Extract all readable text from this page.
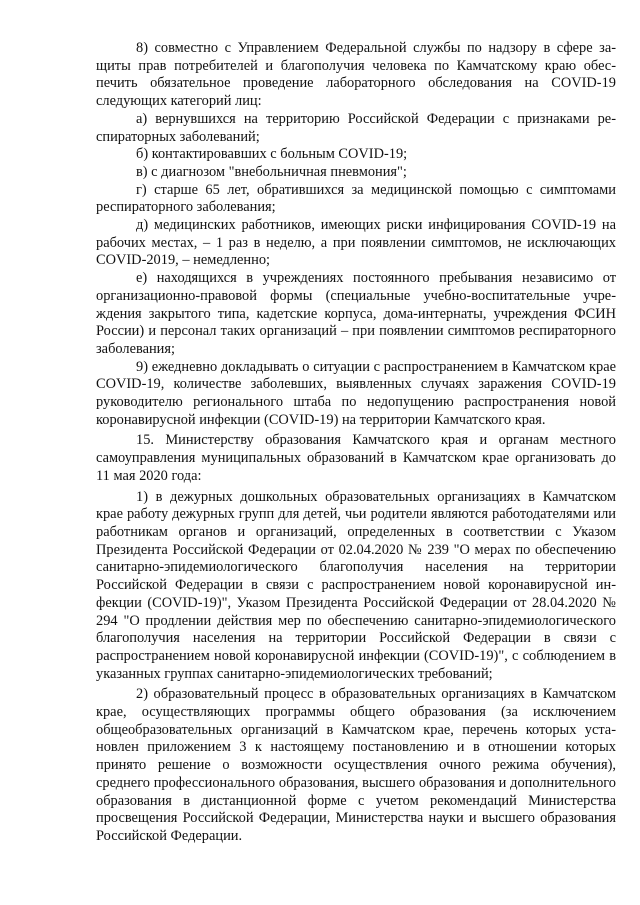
8) совместно с Управлением Федеральной службы по надзору в сфере защиты прав потребителей и благополучия человека по Камчатскому краю обеспечить обязательное проведение лабораторного обследования на COVID-19 следующих категорий лиц:

а) вернувшихся на территорию Российской Федерации с признаками респираторных заболеваний;

б) контактировавших с больным COVID-19;

в) с диагнозом "внебольничная пневмония";

г) старше 65 лет, обратившихся за медицинской помощью с симптомами респираторного заболевания;

д) медицинских работников, имеющих риски инфицирования COVID-19 на рабочих местах, – 1 раз в неделю, а при появлении симптомов, не исключающих COVID-2019, – немедленно;

е) находящихся в учреждениях постоянного пребывания независимо от организационно-правовой формы (специальные учебно-воспитательные учреждения закрытого типа, кадетские корпуса, дома-интернаты, учреждения ФСИН России) и персонал таких организаций – при появлении симптомов респираторного заболевания;

9) ежедневно докладывать о ситуации с распространением в Камчатском крае COVID-19, количестве заболевших, выявленных случаях заражения COVID-19 руководителю регионального штаба по недопущению распространения новой коронавирусной инфекции (COVID-19) на территории Камчатского края.

15. Министерству образования Камчатского края и органам местного самоуправления муниципальных образований в Камчатском крае организовать до 11 мая 2020 года:

1) в дежурных дошкольных образовательных организациях в Камчатском крае работу дежурных групп для детей, чьи родители являются работодателями или работникам органов и организаций, определенных в соответствии с Указом Президента Российской Федерации от 02.04.2020 № 239 "О мерах по обеспечению санитарно-эпидемиологического благополучия населения на территории Российской Федерации в связи с распространением новой коронавирусной инфекции (COVID-19)", Указом Президента Российской Федерации от 28.04.2020 № 294 "О продлении действия мер по обеспечению санитарно-эпидемиологического благополучия населения на территории Российской Федерации в связи с распространением новой коронавирусной инфекции (COVID-19)", с соблюдением в указанных группах санитарно-эпидемиологических требований;

2) образовательный процесс в образовательных организациях в Камчатском крае, осуществляющих программы общего образования (за исключением общеобразовательных организаций в Камчатском крае, перечень которых установлен приложением 3 к настоящему постановлению и в отношении которых принято решение о возможности осуществления очного режима обучения), среднего профессионального образования, высшего образования и дополнительного образования в дистанционной форме с учетом рекомендаций Министерства просвещения Российской Федерации, Министерства науки и высшего образования Российской Федерации.
